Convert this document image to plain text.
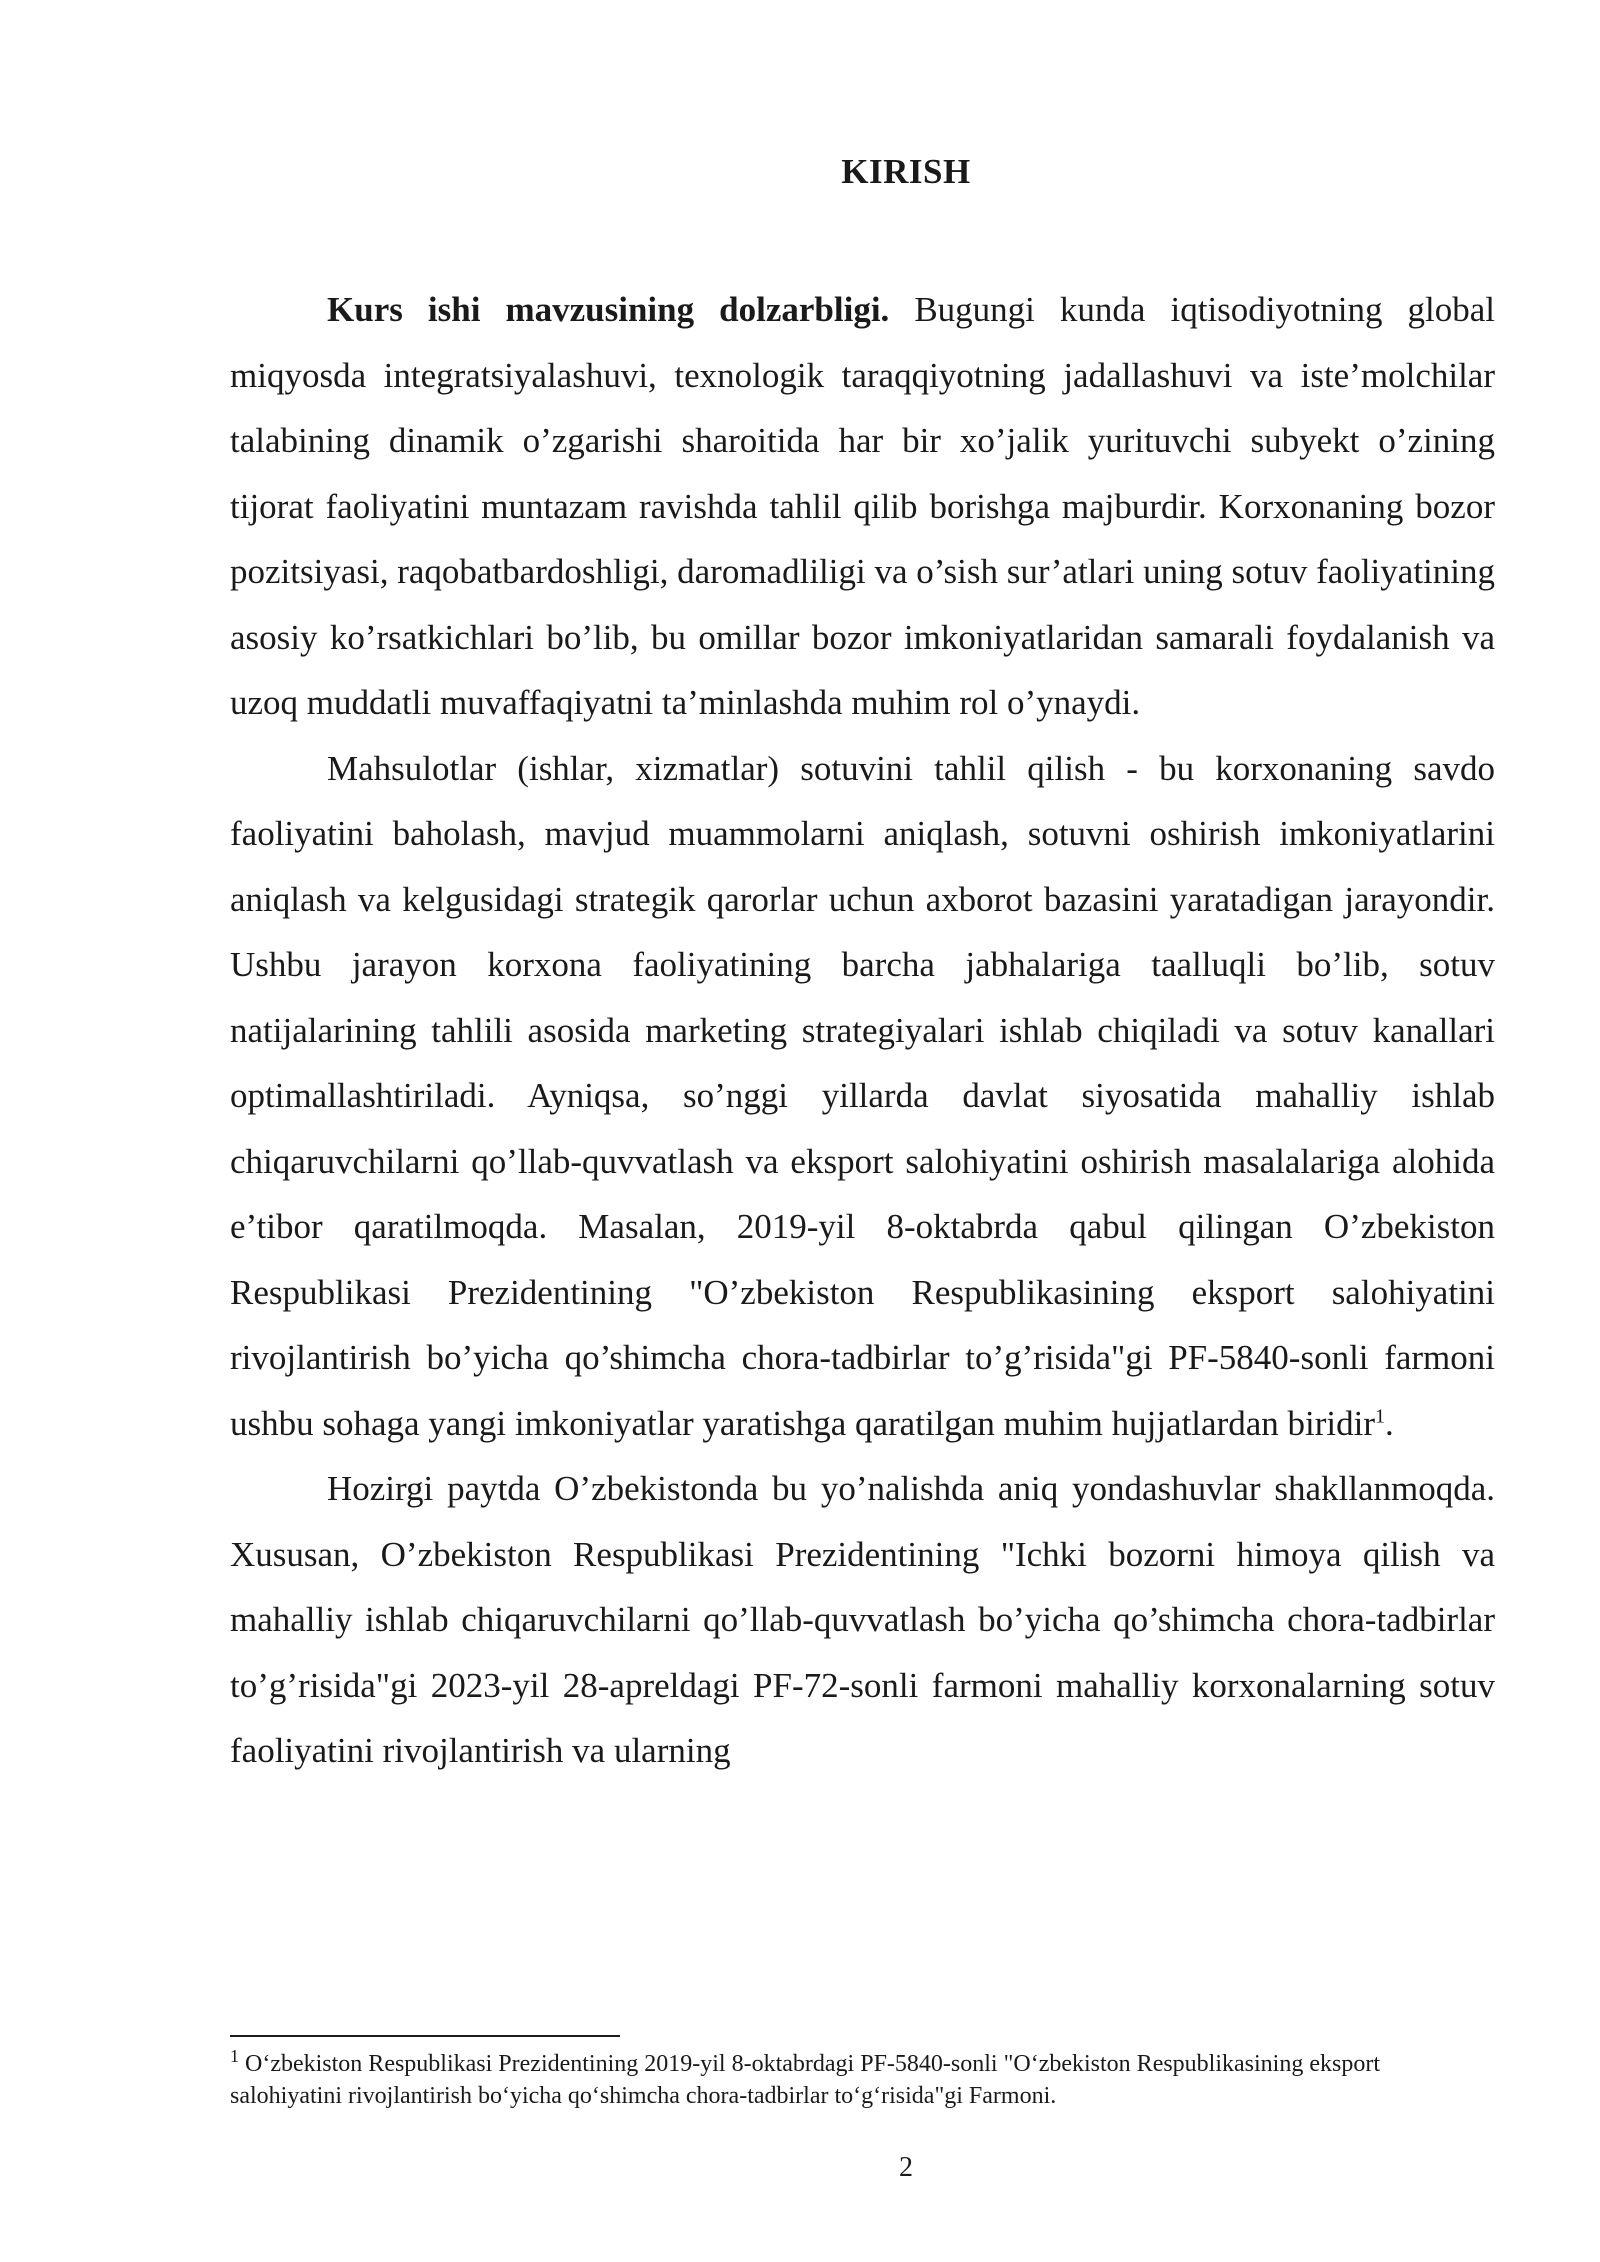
KIRISH

Kurs ishi mavzusining dolzarbligi. Bugungi kunda iqtisodiyotning global miqyosda integratsiyalashuvi, texnologik taraqqiyotning jadallashuvi va iste’molchilar talabining dinamik o’zgarishi sharoitida har bir xo’jalik yurituvchi subyekt o’zining tijorat faoliyatini muntazam ravishda tahlil qilib borishga majburdir. Korxonaning bozor pozitsiyasi, raqobatbardoshligi, daromadliligi va o’sish sur’atlari uning sotuv faoliyatining asosiy ko’rsatkichlari bo’lib, bu omillar bozor imkoniyatlaridan samarali foydalanish va uzoq muddatli muvaffaqiyatni ta’minlashda muhim rol o’ynaydi.

Mahsulotlar (ishlar, xizmatlar) sotuvini tahlil qilish - bu korxonaning savdo faoliyatini baholash, mavjud muammolarni aniqlash, sotuvni oshirish imkoniyatlarini aniqlash va kelgusidagi strategik qarorlar uchun axborot bazasini yaratadigan jarayondir. Ushbu jarayon korxona faoliyatining barcha jabhalariga taalluqli bo’lib, sotuv natijalarining tahlili asosida marketing strategiyalari ishlab chiqiladi va sotuv kanallari optimallashtiriladi. Ayniqsa, so’nggi yillarda davlat siyosatida mahalliy ishlab chiqaruvchilarni qo’llab-quvvatlash va eksport salohiyatini oshirish masalalariga alohida e’tibor qaratilmoqda. Masalan, 2019-yil 8-oktabrda qabul qilingan O’zbekiston Respublikasi Prezidentining "O’zbekiston Respublikasining eksport salohiyatini rivojlantirish bo’yicha qo’shimcha chora-tadbirlar to’g’risida"gi PF-5840-sonli farmoni ushbu sohaga yangi imkoniyatlar yaratishga qaratilgan muhim hujjatlardan biridir$^1$.

Hozirgi paytda O’zbekistonda bu yo’nalishda aniq yondashuvlar shakllanmoqda. Xususan, O’zbekiston Respublikasi Prezidentining "Ichki bozorni himoya qilish va mahalliy ishlab chiqaruvchilarni qo’llab-quvvatlash bo’yicha qo’shimcha chora-tadbirlar to’g’risida"gi 2023-yil 28-apreldagi PF-72-sonli farmoni mahalliy korxonalarning sotuv faoliyatini rivojlantirish va ularning

$^1$ O‘zbekiston Respublikasi Prezidentining 2019-yil 8-oktabrdagi PF-5840-sonli "O‘zbekiston Respublikasining eksport salohiyatini rivojlantirish bo‘yicha qo‘shimcha chora-tadbirlar to‘g‘risida"gi Farmoni.

2
